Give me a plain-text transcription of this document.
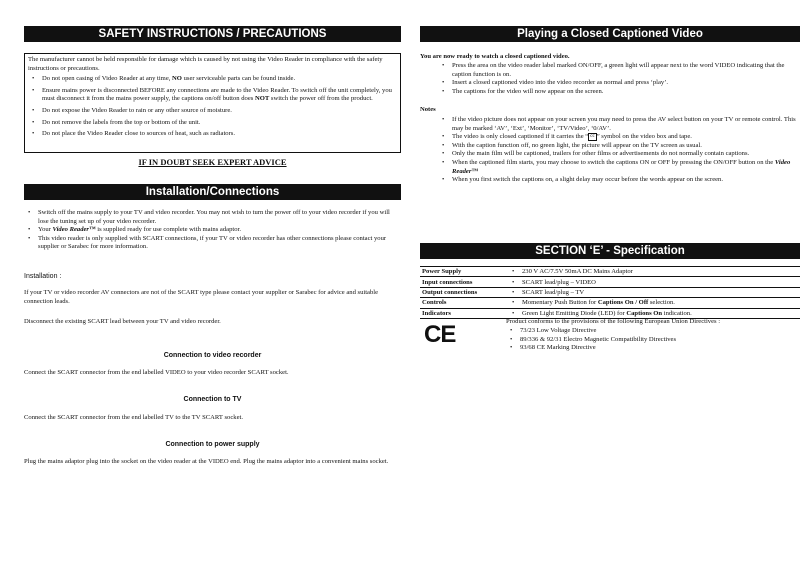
SAFETY INSTRUCTIONS / PRECAUTIONS
The manufacturer cannot be held responsible for damage which is caused by not using the Video Reader in compliance with the safety instructions or precautions.
• Do not open casing of Video Reader at any time, NO user serviceable parts can be found inside.
• Ensure mains power is disconnected BEFORE any connections are made to the Video Reader. To switch off the unit completely, you must disconnect it from the mains power supply, the captions on/off button does NOT switch the power off from the product.
• Do not expose the Video Reader to rain or any other source of moisture.
• Do not remove the labels from the top or bottom of the unit.
• Do not place the Video Reader close to sources of heat, such as radiators.
IF IN DOUBT SEEK EXPERT ADVICE
Installation/Connections
• Switch off the mains supply to your TV and video recorder. You may not wish to turn the power off to your video recorder if you will lose the tuning set up of your video recorder.
• Your Video Reader™ is supplied ready for use complete with mains adaptor.
• This video reader is only supplied with SCART connections, if your TV or video recorder has other connections please contact your supplier or Sarabec for more information.
Installation :
If your TV or video recorder AV connectors are not of the SCART type please contact your supplier or Sarabec for advice and suitable connection leads.
Disconnect the existing SCART lead between your TV and video recorder.
Connection to video recorder
Connect the SCART connector from the end labelled VIDEO to your video recorder SCART socket.
Connection to TV
Connect the SCART connector from the end labelled TV to the TV SCART socket.
Connection to power supply
Plug the mains adaptor plug into the socket on the video reader at the VIDEO end. Plug the mains adaptor into a convenient mains socket.
Playing a Closed Captioned Video
You are now ready to watch a closed captioned video.
• Press the area on the video reader label marked ON/OFF, a green light will appear next to the word VIDEO indicating that the caption function is on.
• Insert a closed captioned video into the video recorder as normal and press ‘play’.
• The captions for the video will now appear on the screen.
Notes
• If the video picture does not appear on your screen you may need to press the AV select button on your TV or remote control. This may be marked ‘AV’, ‘Ext’, ‘Monitor’, ‘TV/Video’, ‘0/AV’.
• The video is only closed captioned if it carries the “ cc ” symbol on the video box and tape.
• With the caption function off, no green light, the picture will appear on the TV screen as usual.
• Only the main film will be captioned, trailers for other films or advertisements do not normally contain captions.
• When the captioned film starts, you may choose to switch the captions ON or OFF by pressing the ON/OFF button on the Video Reader™
• When you first switch the captions on, a slight delay may occur before the words appear on the screen.
SECTION ‘E’ - Specification
Power Supply	• 230 V AC/7.5V 50mA DC Mains Adaptor
Input connections	• SCART lead/plug – VIDEO
Output connections	• SCART lead/plug – TV
Controls	• Momentary Push Button for Captions On / Off selection.
Indicators	• Green Light Emitting Diode (LED) for Captions On indication.
CE	Product conforms to the provisions of the following European Union Directives :
• 73/23 Low Voltage Directive
• 89/336 & 92/31 Electro Magnetic Compatibility Directives
• 93/68 CE Marking Directive
